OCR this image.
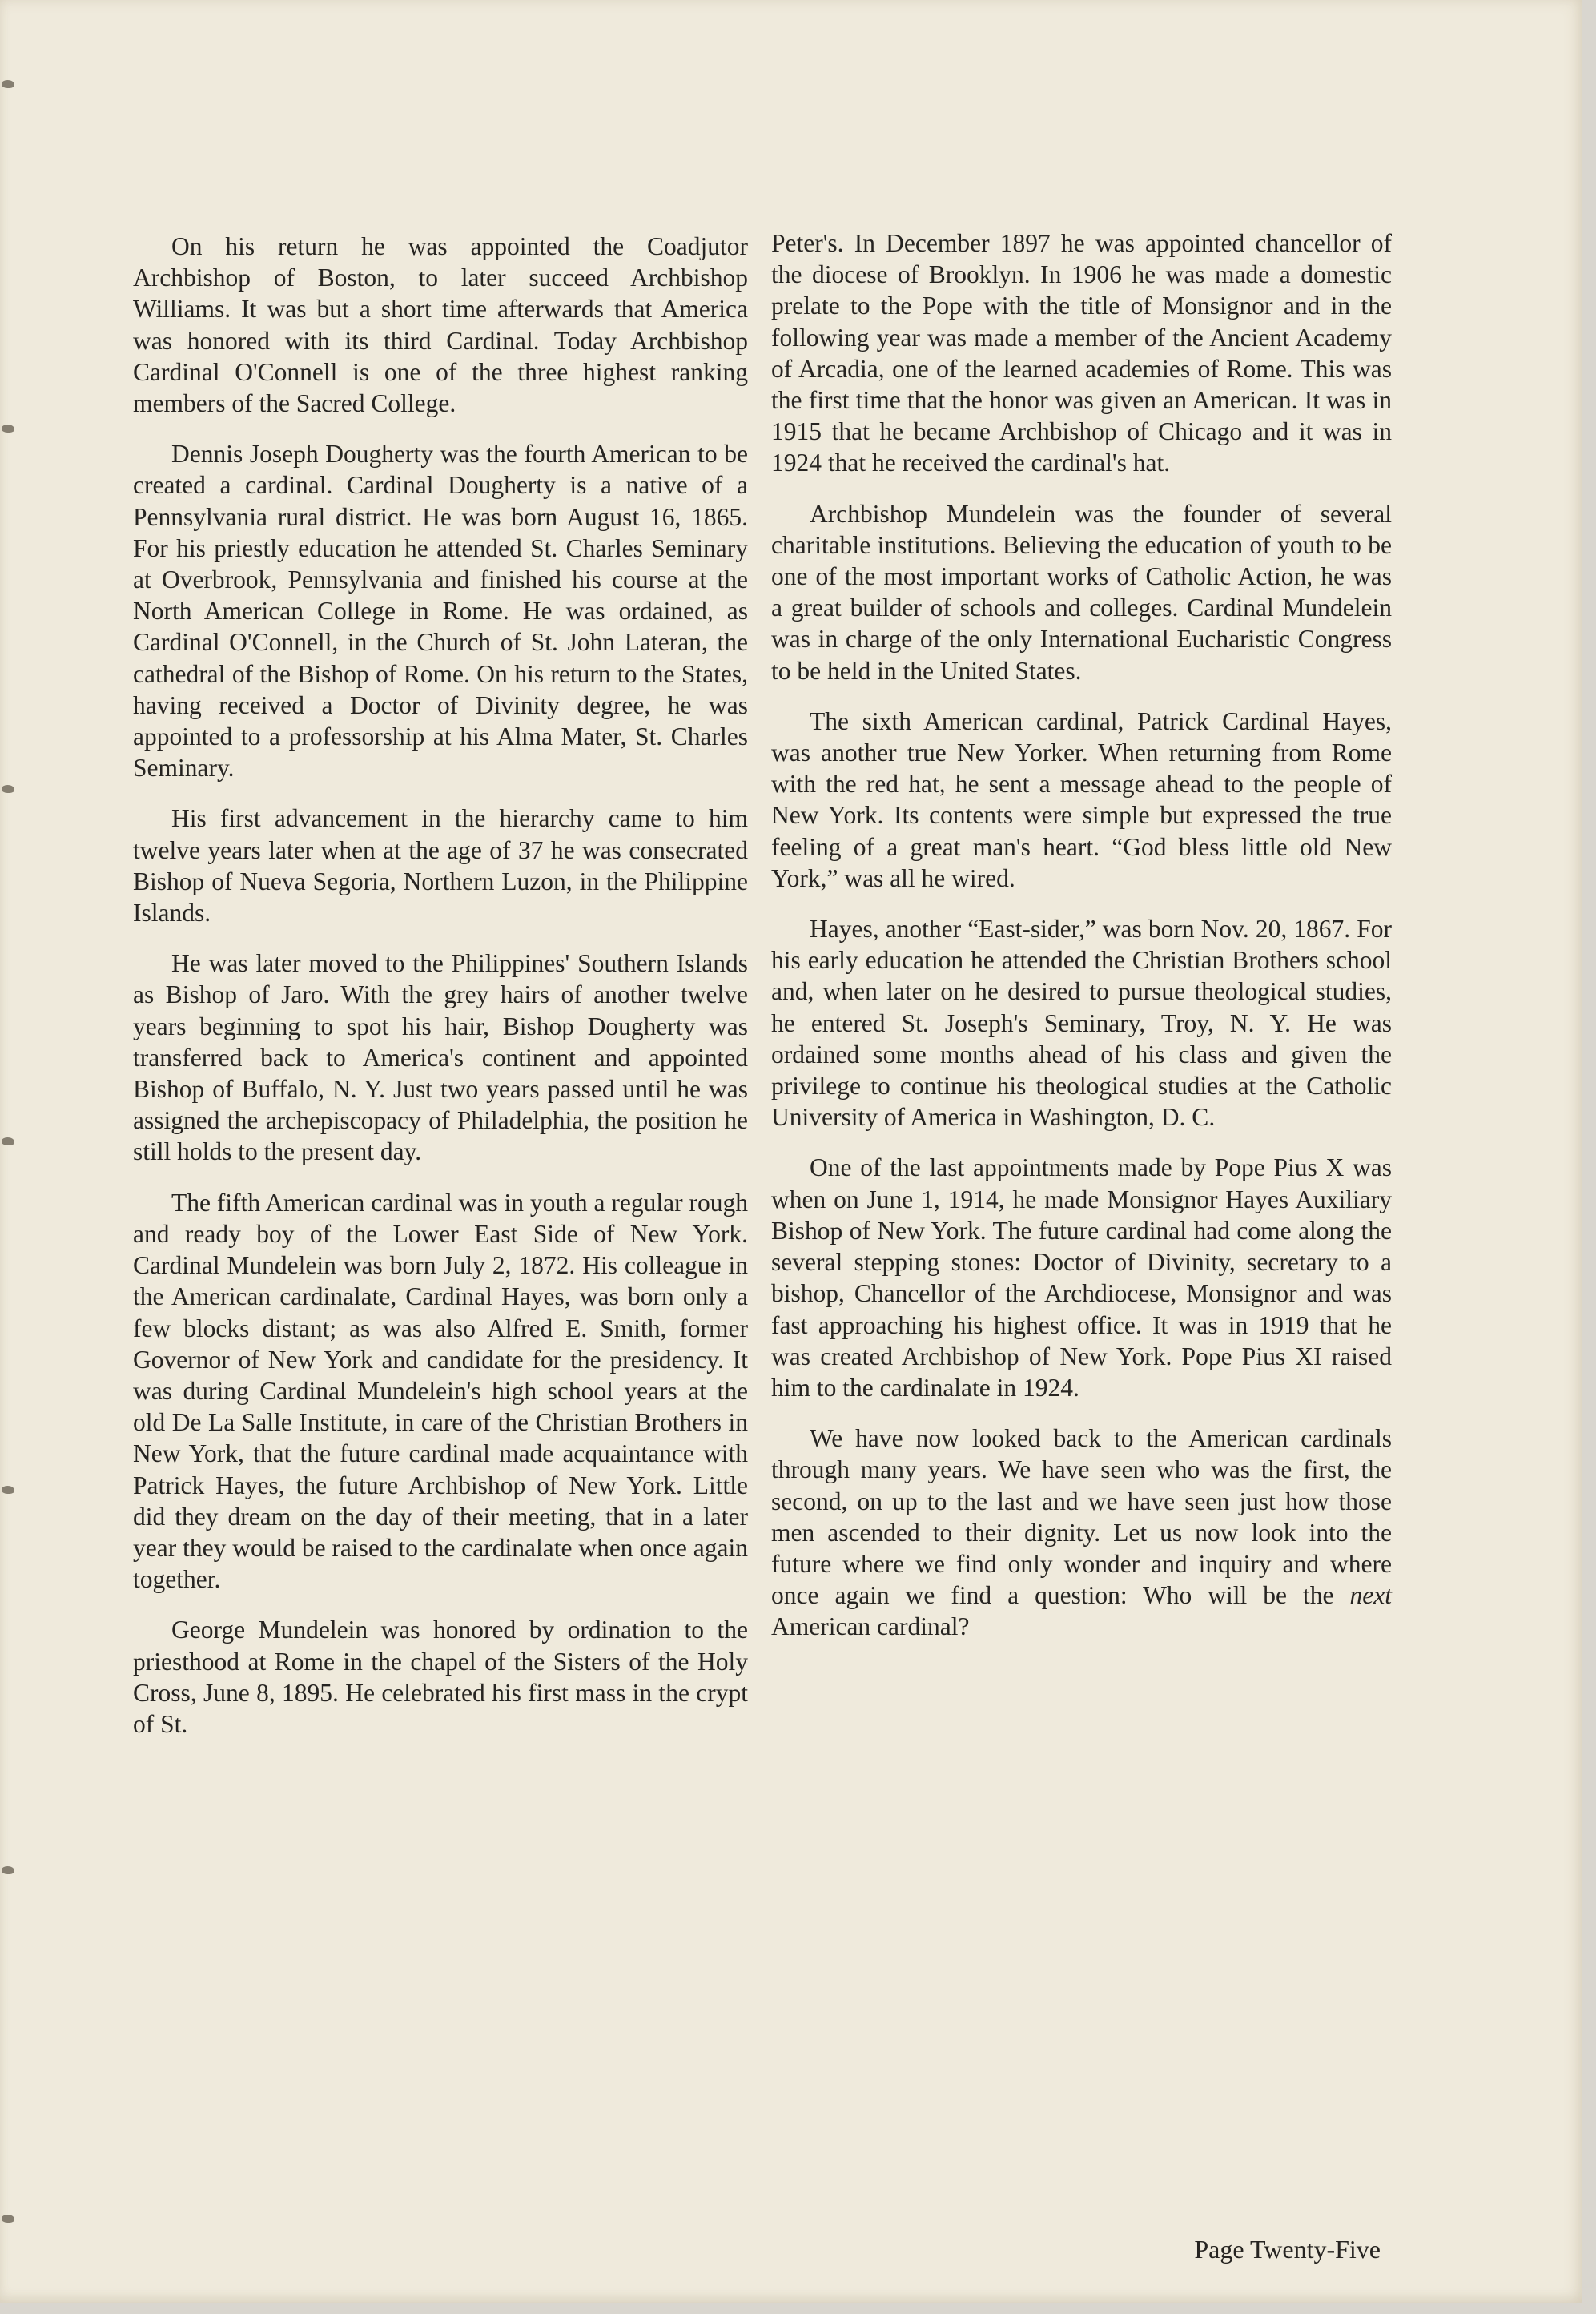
On his return he was appointed the Coadjutor Archbishop of Boston, to later succeed Archbishop Williams. It was but a short time afterwards that America was honored with its third Cardinal. Today Archbishop Cardinal O'Connell is one of the three highest ranking members of the Sacred College.

Dennis Joseph Dougherty was the fourth American to be created a cardinal. Cardinal Dougherty is a native of a Pennsylvania rural district. He was born August 16, 1865. For his priestly education he attended St. Charles Seminary at Overbrook, Pennsylvania and finished his course at the North American College in Rome. He was ordained, as Cardinal O'Connell, in the Church of St. John Lateran, the cathedral of the Bishop of Rome. On his return to the States, having received a Doctor of Divinity degree, he was appointed to a professorship at his Alma Mater, St. Charles Seminary.

His first advancement in the hierarchy came to him twelve years later when at the age of 37 he was consecrated Bishop of Nueva Segoria, Northern Luzon, in the Philippine Islands.

He was later moved to the Philippines' Southern Islands as Bishop of Jaro. With the grey hairs of another twelve years beginning to spot his hair, Bishop Dougherty was transferred back to America's continent and appointed Bishop of Buffalo, N. Y. Just two years passed until he was assigned the archepiscopacy of Philadelphia, the position he still holds to the present day.

The fifth American cardinal was in youth a regular rough and ready boy of the Lower East Side of New York. Cardinal Mundelein was born July 2, 1872. His colleague in the American cardinalate, Cardinal Hayes, was born only a few blocks distant; as was also Alfred E. Smith, former Governor of New York and candidate for the presidency. It was during Cardinal Mundelein's high school years at the old De La Salle Institute, in care of the Christian Brothers in New York, that the future cardinal made acquaintance with Patrick Hayes, the future Archbishop of New York. Little did they dream on the day of their meeting, that in a later year they would be raised to the cardinalate when once again together.

George Mundelein was honored by ordination to the priesthood at Rome in the chapel of the Sisters of the Holy Cross, June 8, 1895. He celebrated his first mass in the crypt of St.

Peter's. In December 1897 he was appointed chancellor of the diocese of Brooklyn. In 1906 he was made a domestic prelate to the Pope with the title of Monsignor and in the following year was made a member of the Ancient Academy of Arcadia, one of the learned academies of Rome. This was the first time that the honor was given an American. It was in 1915 that he became Archbishop of Chicago and it was in 1924 that he received the cardinal's hat.

Archbishop Mundelein was the founder of several charitable institutions. Believing the education of youth to be one of the most important works of Catholic Action, he was a great builder of schools and colleges. Cardinal Mundelein was in charge of the only International Eucharistic Congress to be held in the United States.

The sixth American cardinal, Patrick Cardinal Hayes, was another true New Yorker. When returning from Rome with the red hat, he sent a message ahead to the people of New York. Its contents were simple but expressed the true feeling of a great man's heart. “God bless little old New York,” was all he wired.

Hayes, another “East-sider,” was born Nov. 20, 1867. For his early education he attended the Christian Brothers school and, when later on he desired to pursue theological studies, he entered St. Joseph's Seminary, Troy, N. Y. He was ordained some months ahead of his class and given the privilege to continue his theological studies at the Catholic University of America in Washington, D. C.

One of the last appointments made by Pope Pius X was when on June 1, 1914, he made Monsignor Hayes Auxiliary Bishop of New York. The future cardinal had come along the several stepping stones: Doctor of Divinity, secretary to a bishop, Chancellor of the Archdiocese, Monsignor and was fast approaching his highest office. It was in 1919 that he was created Archbishop of New York. Pope Pius XI raised him to the cardinalate in 1924.

We have now looked back to the American cardinals through many years. We have seen who was the first, the second, on up to the last and we have seen just how those men ascended to their dignity. Let us now look into the future where we find only wonder and inquiry and where once again we find a question: Who will be the next American cardinal?

Page Twenty-Five
